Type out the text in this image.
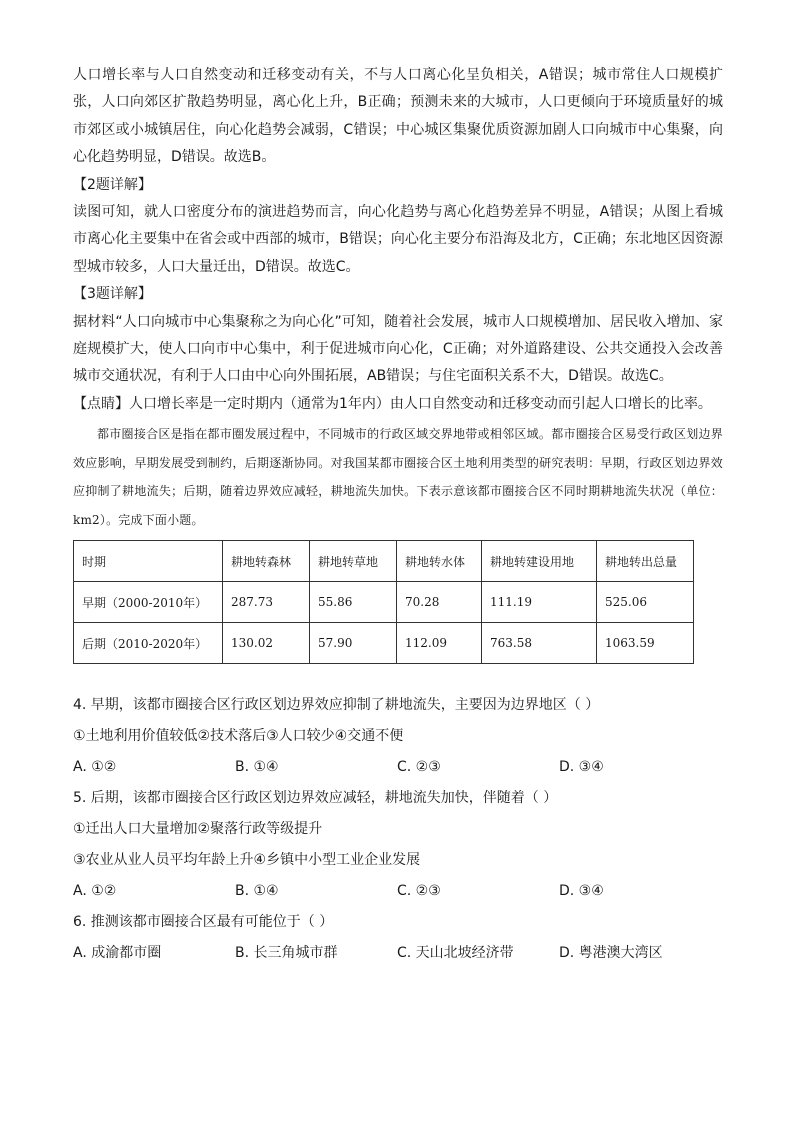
人口增长率与人口自然变动和迁移变动有关，不与人口离心化呈负相关，A错误；城市常住人口规模扩张，人口向郊区扩散趋势明显，离心化上升，B正确；预测未来的大城市，人口更倾向于环境质量好的城市郊区或小城镇居住，向心化趋势会减弱，C错误；中心城区集聚优质资源加剧人口向城市中心集聚，向心化趋势明显，D错误。故选B。

【2题详解】

读图可知，就人口密度分布的演进趋势而言，向心化趋势与离心化趋势差异不明显，A错误；从图上看城市离心化主要集中在省会或中西部的城市，B错误；向心化主要分布沿海及北方，C正确；东北地区因资源型城市较多，人口大量迁出，D错误。故选C。

【3题详解】

据材料“人口向城市中心集聚称之为向心化”可知，随着社会发展，城市人口规模增加、居民收入增加、家庭规模扩大，使人口向市中心集中，利于促进城市向心化，C正确；对外道路建设、公共交通投入会改善城市交通状况，有利于人口由中心向外围拓展，AB错误；与住宅面积关系不大，D错误。故选C。

【点睛】人口增长率是一定时期内（通常为1年内）由人口自然变动和迁移变动而引起人口增长的比率。

都市圈接合区是指在都市圈发展过程中，不同城市的行政区域交界地带或相邻区域。都市圈接合区易受行政区划边界效应影响，早期发展受到制约，后期逐渐协同。对我国某都市圈接合区土地利用类型的研究表明：早期，行政区划边界效应抑制了耕地流失；后期，随着边界效应减轻，耕地流失加快。下表示意该都市圈接合区不同时期耕地流失状况（单位：km2）。完成下面小题。

时期	耕地转森林	耕地转草地	耕地转水体	耕地转建设用地	耕地转出总量
早期（2000-2010年）	287.73	55.86	70.28	111.19	525.06
后期（2010-2020年）	130.02	57.90	112.09	763.58	1063.59

4. 早期，该都市圈接合区行政区划边界效应抑制了耕地流失，主要因为边界地区（ ）

①土地利用价值较低②技术落后③人口较少④交通不便

A. ①②	B. ①④	C. ②③	D. ③④

5. 后期，该都市圈接合区行政区划边界效应减轻，耕地流失加快，伴随着（ ）

①迁出人口大量增加②聚落行政等级提升

③农业从业人员平均年龄上升④乡镇中小型工业企业发展

A. ①②	B. ①④	C. ②③	D. ③④

6. 推测该都市圈接合区最有可能位于（ ）

A. 成渝都市圈	B. 长三角城市群	C. 天山北坡经济带	D. 粤港澳大湾区
